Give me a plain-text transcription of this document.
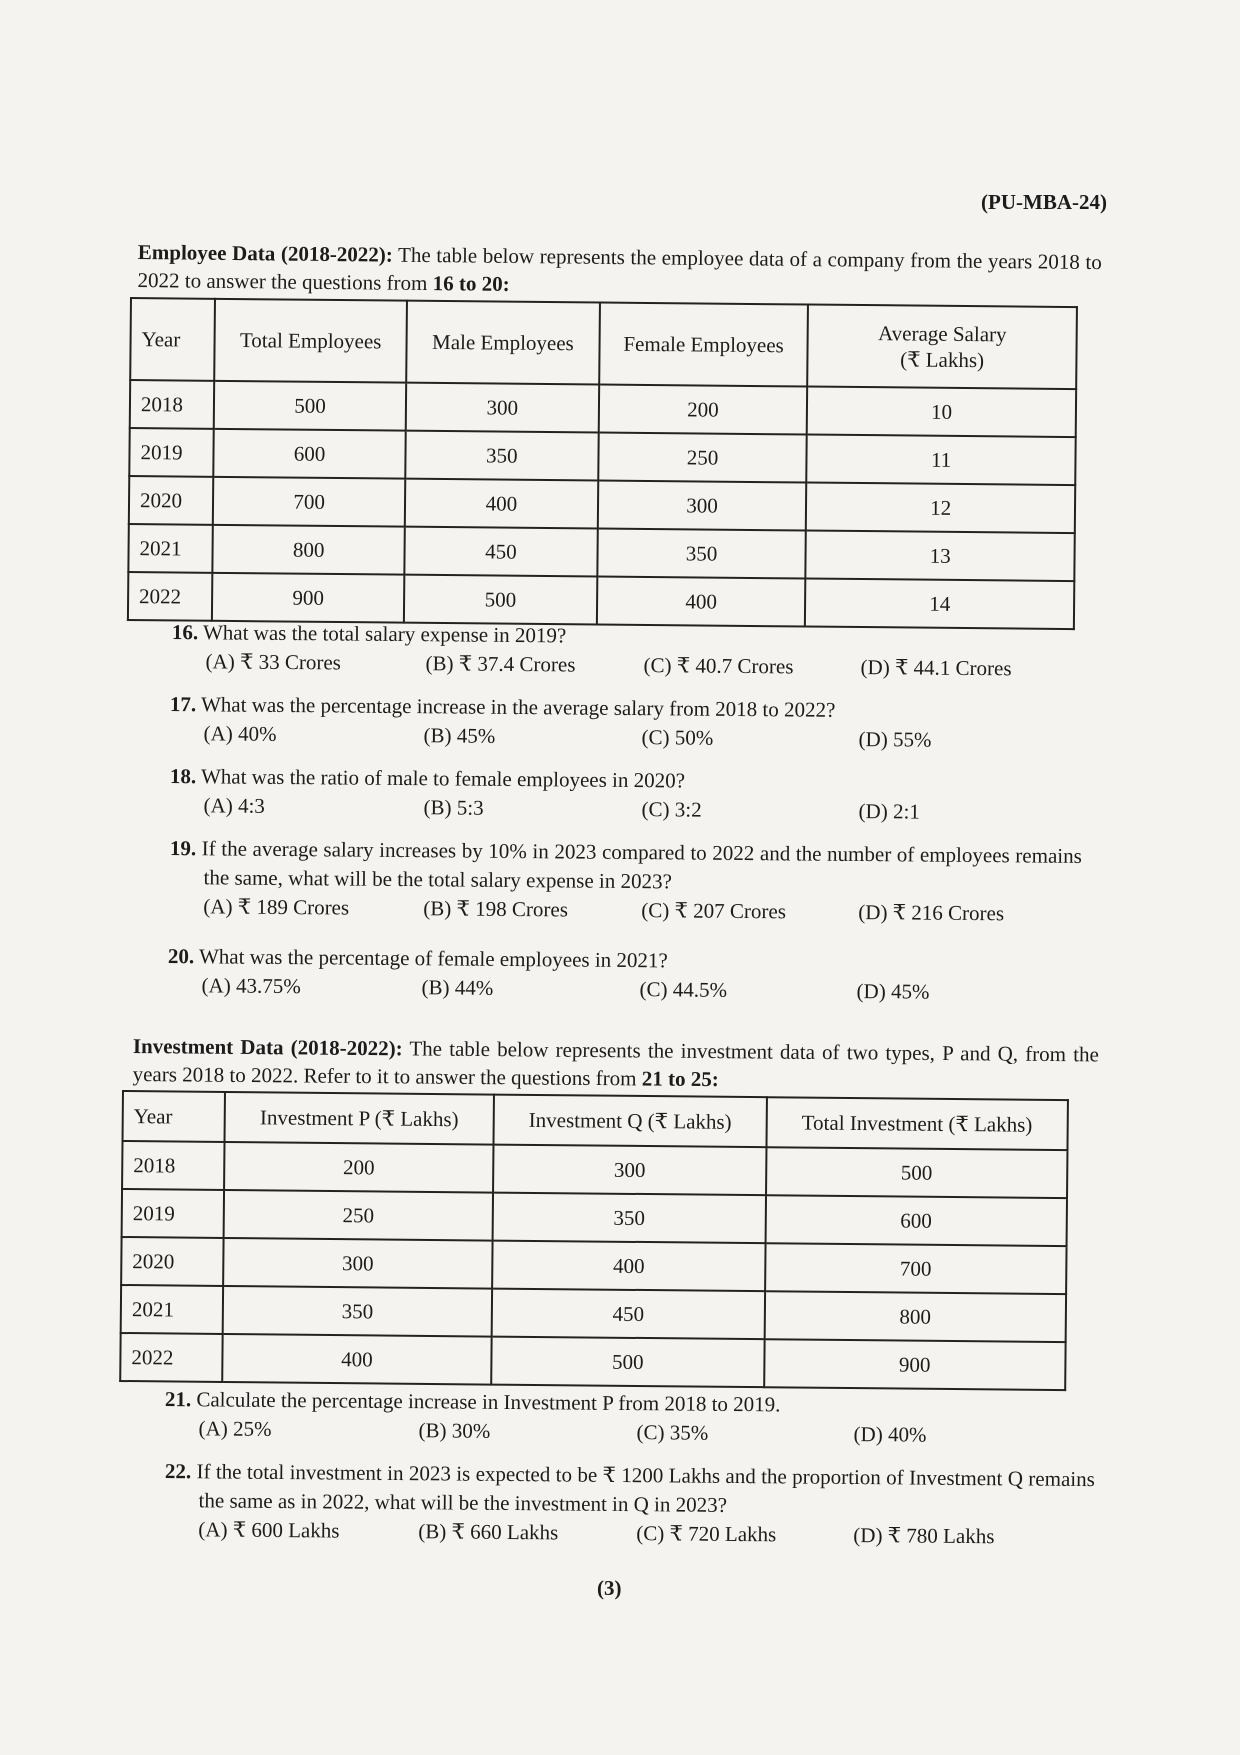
(PU-MBA-24)
Employee Data (2018-2022): The table below represents the employee data of a company from the years 2018 to 2022 to answer the questions from 16 to 20:
Year	Total Employees	Male Employees	Female Employees	Average Salary
(₹ Lakhs)
2018	500	300	200	10
2019	600	350	250	11
2020	700	400	300	12
2021	800	450	350	13
2022	900	500	400	14
16. What was the total salary expense in 2019?
(A) ₹ 33 Crores	(B) ₹ 37.4 Crores	(C) ₹ 40.7 Crores	(D) ₹ 44.1 Crores
17. What was the percentage increase in the average salary from 2018 to 2022?
(A) 40%	(B) 45%	(C) 50%	(D) 55%
18. What was the ratio of male to female employees in 2020?
(A) 4:3	(B) 5:3	(C) 3:2	(D) 2:1
19. If the average salary increases by 10% in 2023 compared to 2022 and the number of employees remains the same, what will be the total salary expense in 2023?
(A) ₹ 189 Crores	(B) ₹ 198 Crores	(C) ₹ 207 Crores	(D) ₹ 216 Crores
20. What was the percentage of female employees in 2021?
(A) 43.75%	(B) 44%	(C) 44.5%	(D) 45%
Investment Data (2018-2022): The table below represents the investment data of two types, P and Q, from the years 2018 to 2022. Refer to it to answer the questions from 21 to 25:
Year	Investment P (₹ Lakhs)	Investment Q (₹ Lakhs)	Total Investment (₹ Lakhs)
2018	200	300	500
2019	250	350	600
2020	300	400	700
2021	350	450	800
2022	400	500	900
21. Calculate the percentage increase in Investment P from 2018 to 2019.
(A) 25%	(B) 30%	(C) 35%	(D) 40%
22. If the total investment in 2023 is expected to be ₹ 1200 Lakhs and the proportion of Investment Q remains the same as in 2022, what will be the investment in Q in 2023?
(A) ₹ 600 Lakhs	(B) ₹ 660 Lakhs	(C) ₹ 720 Lakhs	(D) ₹ 780 Lakhs
(3)
